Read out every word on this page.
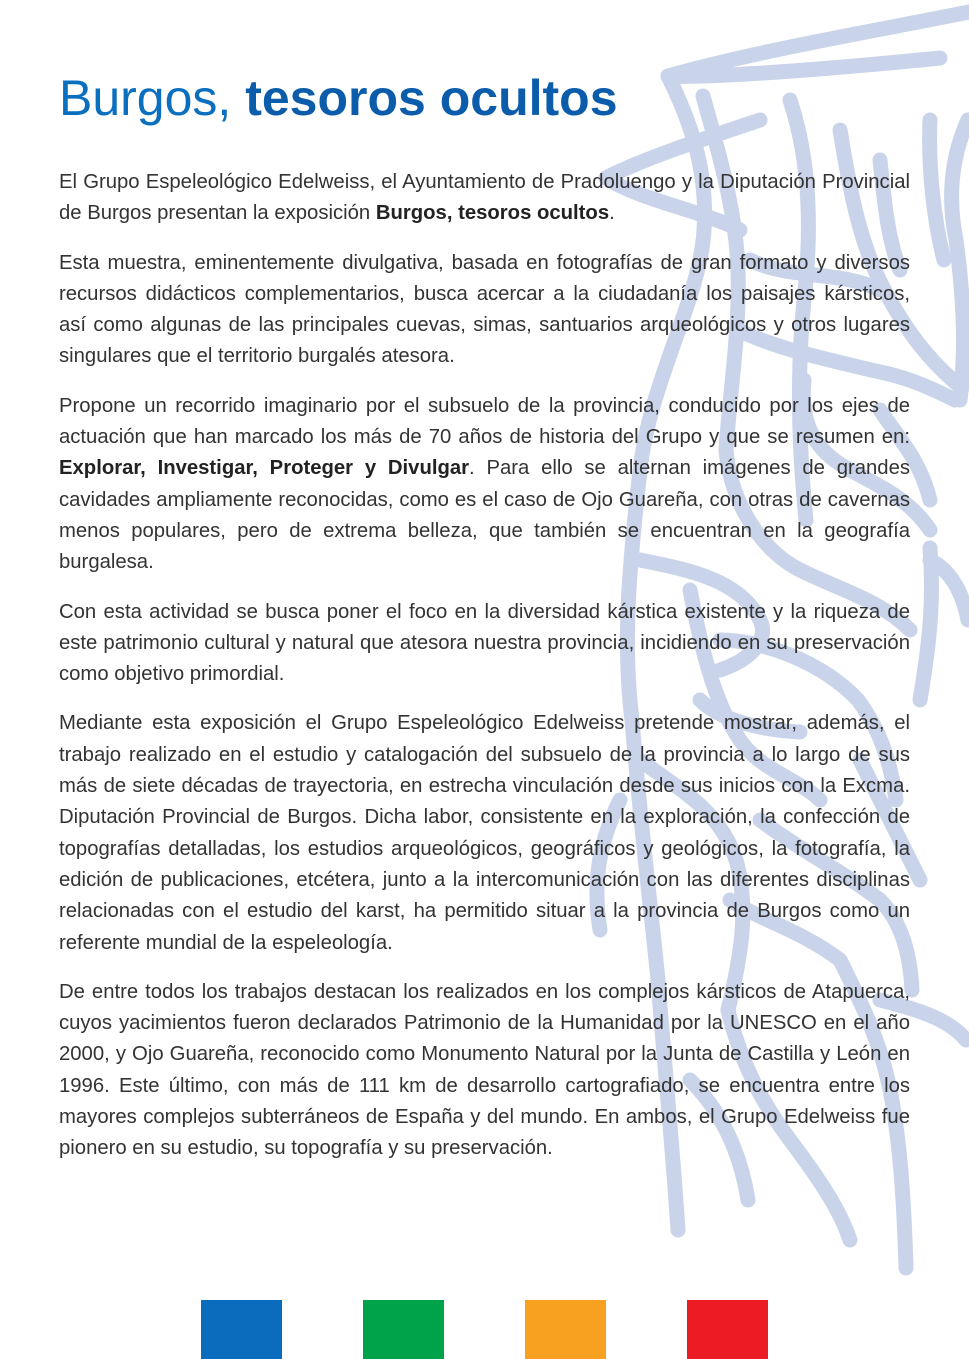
Burgos, tesoros ocultos

El Grupo Espeleológico Edelweiss, el Ayuntamiento de Pradoluengo y la Diputación Provincial de Burgos presentan la exposición Burgos, tesoros ocultos.

Esta muestra, eminentemente divulgativa, basada en fotografías de gran formato y diversos recursos didácticos complementarios, busca acercar a la ciudadanía los paisajes kársticos, así como algunas de las principales cuevas, simas, santuarios arqueológicos y otros lugares singulares que el territorio burgalés atesora.

Propone un recorrido imaginario por el subsuelo de la provincia, conducido por los ejes de actuación que han marcado los más de 70 años de historia del Grupo y que se resumen en: Explorar, Investigar, Proteger y Divulgar. Para ello se alternan imágenes de grandes cavidades ampliamente reconocidas, como es el caso de Ojo Guareña, con otras de cavernas menos populares, pero de extrema belleza, que también se encuentran en la geografía burgalesa.

Con esta actividad se busca poner el foco en la diversidad kárstica existente y la riqueza de este patrimonio cultural y natural que atesora nuestra provincia, incidiendo en su preservación como objetivo primordial.

Mediante esta exposición el Grupo Espeleológico Edelweiss pretende mostrar, además, el trabajo realizado en el estudio y catalogación del subsuelo de la provincia a lo largo de sus más de siete décadas de trayectoria, en estrecha vinculación desde sus inicios con la Excma. Diputación Provincial de Burgos. Dicha labor, consistente en la exploración, la confección de topografías detalladas, los estudios arqueológicos, geográficos y geológicos, la fotografía, la edición de publicaciones, etcétera, junto a la intercomunicación con las diferentes disciplinas relacionadas con el estudio del karst, ha permitido situar a la provincia de Burgos como un referente mundial de la espeleología.

De entre todos los trabajos destacan los realizados en los complejos kársticos de Atapuerca, cuyos yacimientos fueron declarados Patrimonio de la Humanidad por la UNESCO en el año 2000, y Ojo Guareña, reconocido como Monumento Natural por la Junta de Castilla y León en 1996. Este último, con más de 111 km de desarrollo cartografiado, se encuentra entre los mayores complejos subterráneos de España y del mundo. En ambos, el Grupo Edelweiss fue pionero en su estudio, su topografía y su preservación.
